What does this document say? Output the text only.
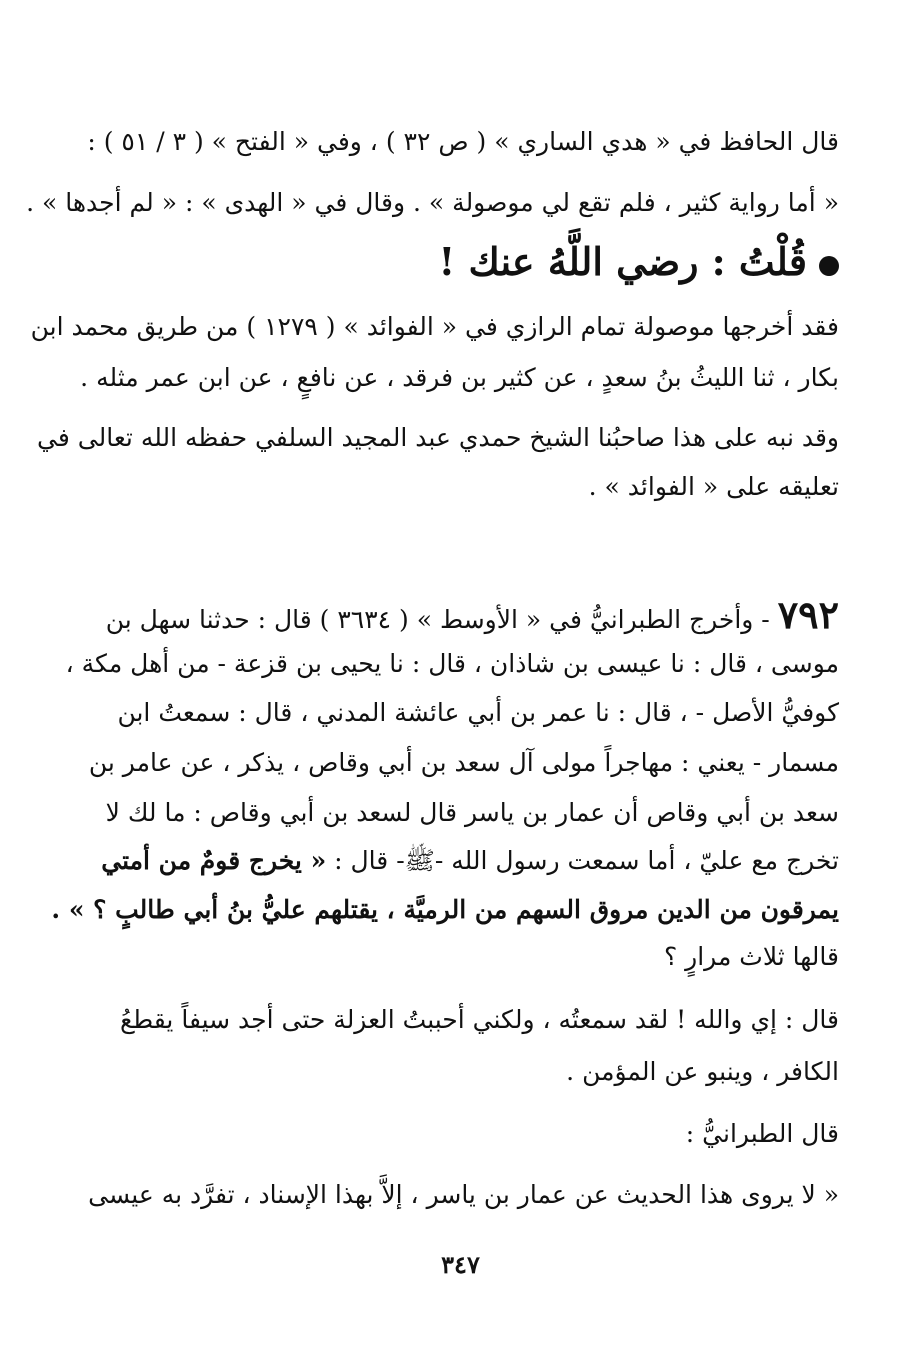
قال الحافظ في « هدي الساري » ( ص ٣٢ ) ، وفي « الفتح » ( ٣ / ٥١ ) :
« أما رواية كثير ، فلم تقع لي موصولة » . وقال في « الهدى » : « لم أجدها » .
قُلْتُ : رضي اللَّهُ عنك !
فقد أخرجها موصولة تمام الرازي في « الفوائد » ( ١٢٧٩ ) من طريق محمد ابن
بكار ، ثنا الليثُ بنُ سعدٍ ، عن كثير بن فرقد ، عن نافعٍ ، عن ابن عمر مثله .
وقد نبه على هذا صاحبُنا الشيخ حمدي عبد المجيد السلفي حفظه الله تعالى في
تعليقه على « الفوائد » .
٧٩٢- وأخرج الطبرانيُّ في « الأوسط » ( ٣٦٣٤ ) قال : حدثنا سهل بن
موسى ، قال : نا عيسى بن شاذان ، قال : نا يحيى بن قزعة - من أهل مكة ،
كوفيُّ الأصل - ، قال : نا عمر بن أبي عائشة المدني ، قال : سمعتُ ابن
مسمار - يعني : مهاجراً مولى آل سعد بن أبي وقاص ، يذكر ، عن عامر بن
سعد بن أبي وقاص أن عمار بن ياسر قال لسعد بن أبي وقاص : ما لك لا
تخرج مع عليّ ، أما سمعت رسول الله -ﷺ- قال : « يخرج قومٌ من أمتي
يمرقون من الدين مروق السهم من الرميَّة ، يقتلهم عليُّ بنُ أبي طالبٍ ؟ » .
قالها ثلاث مرارٍ ؟
قال : إي والله ! لقد سمعتُه ، ولكني أحببتُ العزلة حتى أجد سيفاً يقطعُ
الكافر ، وينبو عن المؤمن .
قال الطبرانيُّ :
« لا يروى هذا الحديث عن عمار بن ياسر ، إلاَّ بهذا الإسناد ، تفرَّد به عيسى
٣٤٧
